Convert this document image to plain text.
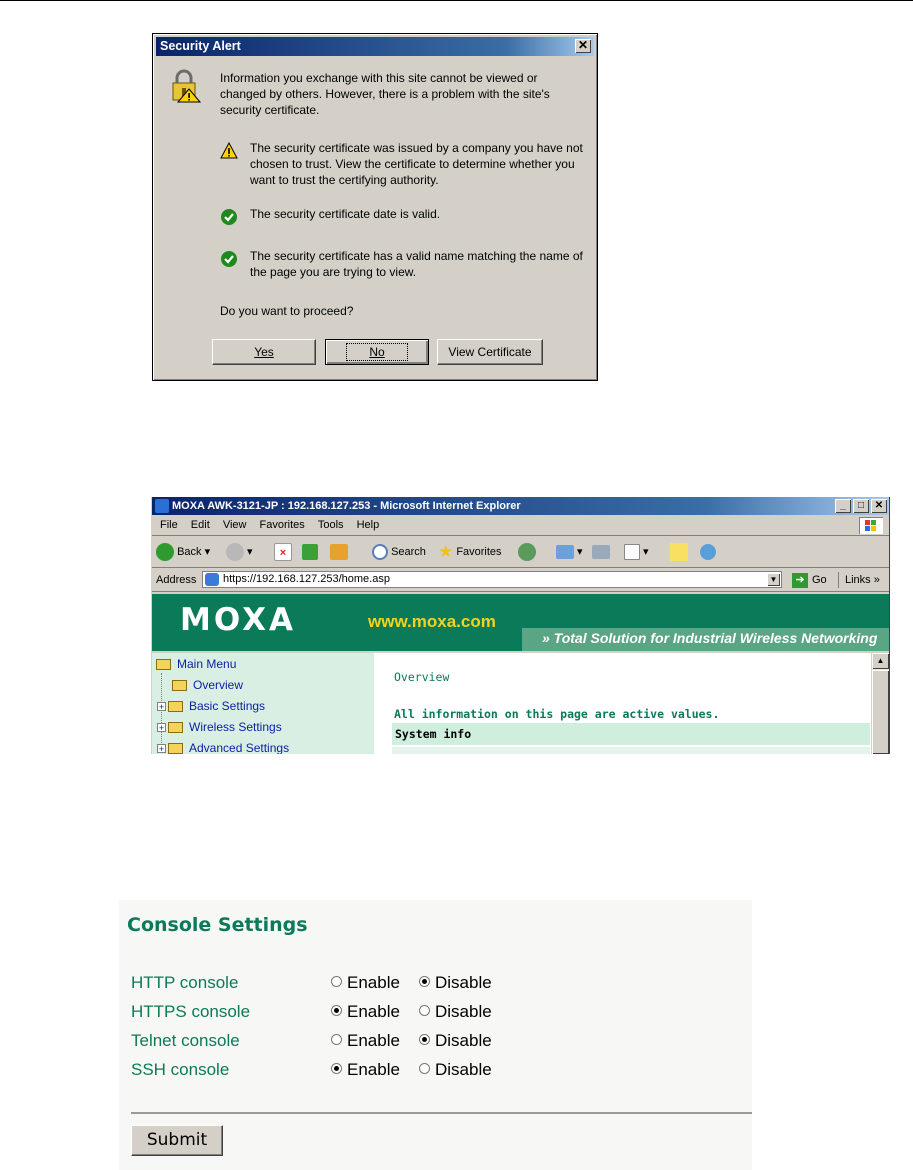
Security Alert	✕
Information you exchange with this site cannot be viewed or changed by others. However, there is a problem with the site's security certificate.
The security certificate was issued by a company you have not chosen to trust. View the certificate to determine whether you want to trust the certifying authority.
The security certificate date is valid.
The security certificate has a valid name matching the name of the page you are trying to view.
Do you want to proceed?
Yes	No	View Certificate
MOXA AWK-3121-JP : 192.168.127.253 - Microsoft Internet Explorer	_	□	✕
File Edit View Favorites Tools Help
Back ▾	▾	×	Search ★ Favorites	▾	▾
Address	https://192.168.127.253/home.asp	▼	➔ Go	Links »
MOXA	www.moxa.com
» Total Solution for Industrial Wireless Networking
Main Menu
Overview
+ Basic Settings
+ Wireless Settings
+ Advanced Settings
Overview
All information on this page are active values.
System info
▲
Console Settings
HTTP console	Enable	Disable
HTTPS console	Enable	Disable
Telnet console	Enable	Disable
SSH console	Enable	Disable
Submit
